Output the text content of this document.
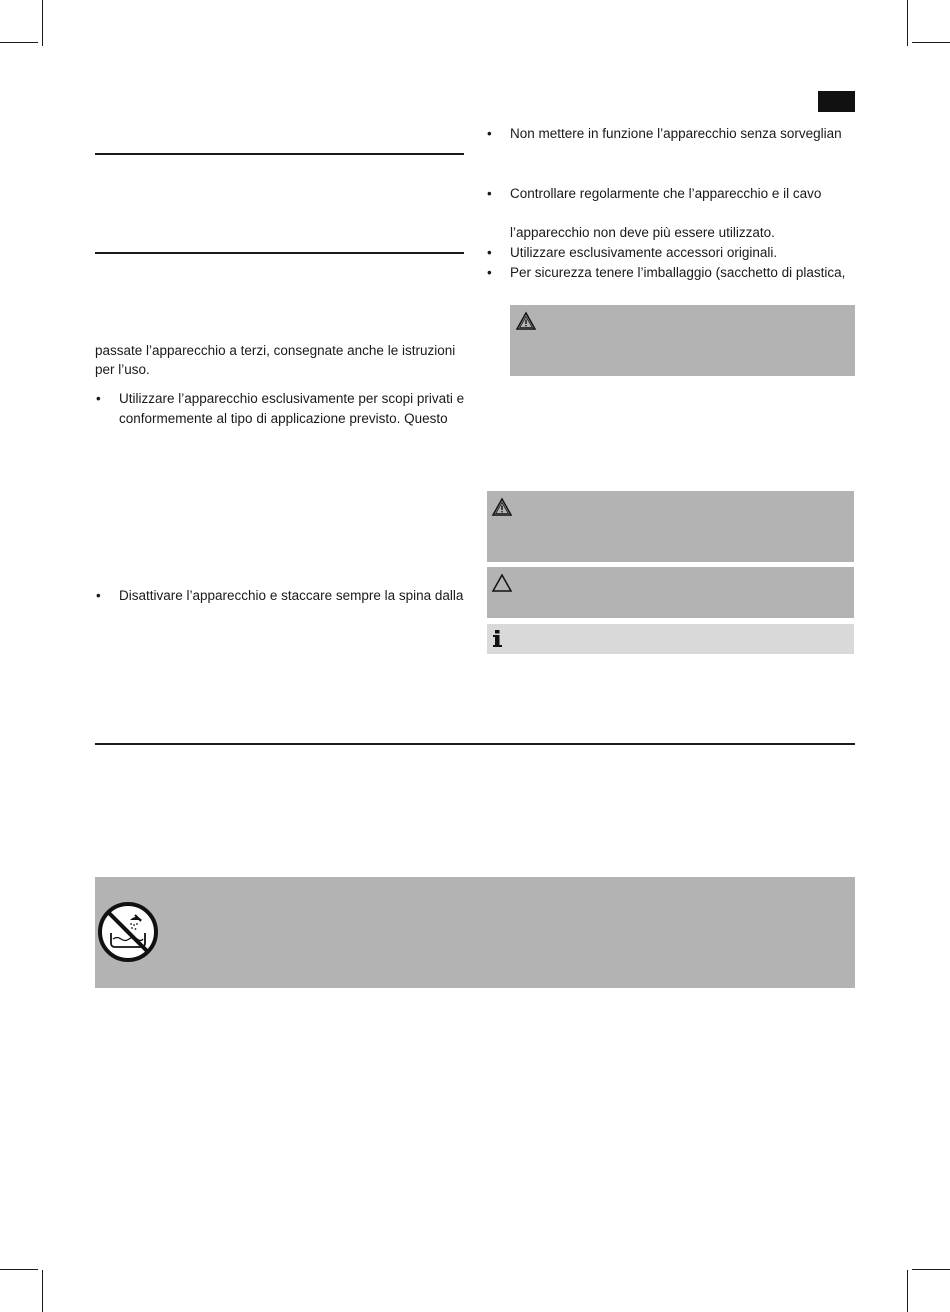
passate l’apparecchio a terzi, consegnate anche le istruzioni
per l’uso.
• Utilizzare l’apparecchio esclusivamente per scopi privati e
conformemente al tipo di applicazione previsto. Questo
• Disattivare l’apparecchio e staccare sempre la spina dalla
• Non mettere in funzione l’apparecchio senza sorveglian
• Controllare regolarmente che l’apparecchio e il cavo
l’apparecchio non deve più essere utilizzato.
• Utilizzare esclusivamente accessori originali.
• Per sicurezza tenere l’imballaggio (sacchetto di plastica,
